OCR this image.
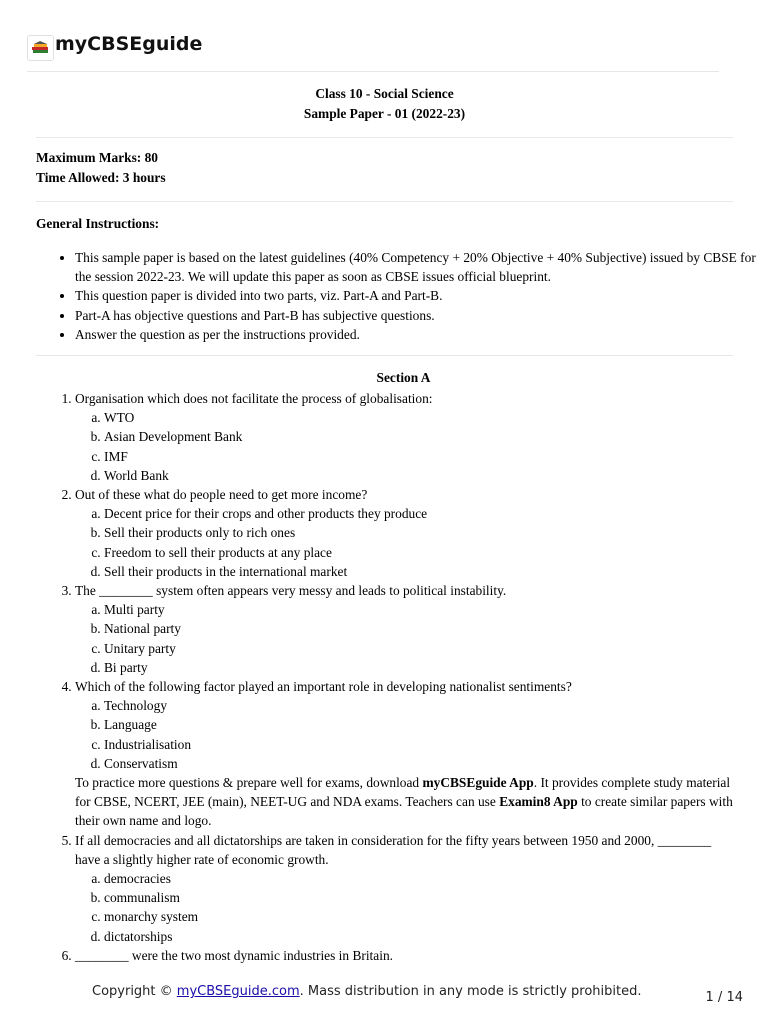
myCBSEguide
Class 10 - Social Science
Sample Paper - 01 (2022-23)
Maximum Marks: 80
Time Allowed: 3 hours
General Instructions:
• This sample paper is based on the latest guidelines (40% Competency + 20% Objective + 40% Subjective) issued by CBSE for the session 2022-23. We will update this paper as soon as CBSE issues official blueprint.
• This question paper is divided into two parts, viz. Part-A and Part-B.
• Part-A has objective questions and Part-B has subjective questions.
• Answer the question as per the instructions provided.
Section A
1. Organisation which does not facilitate the process of globalisation:
a. WTO
b. Asian Development Bank
c. IMF
d. World Bank
2. Out of these what do people need to get more income?
a. Decent price for their crops and other products they produce
b. Sell their products only to rich ones
c. Freedom to sell their products at any place
d. Sell their products in the international market
3. The ________ system often appears very messy and leads to political instability.
a. Multi party
b. National party
c. Unitary party
d. Bi party
4. Which of the following factor played an important role in developing nationalist sentiments?
a. Technology
b. Language
c. Industrialisation
d. Conservatism
To practice more questions & prepare well for exams, download myCBSEguide App. It provides complete study material for CBSE, NCERT, JEE (main), NEET-UG and NDA exams. Teachers can use Examin8 App to create similar papers with their own name and logo.
5. If all democracies and all dictatorships are taken in consideration for the fifty years between 1950 and 2000, ________ have a slightly higher rate of economic growth.
a. democracies
b. communalism
c. monarchy system
d. dictatorships
6. ________ were the two most dynamic industries in Britain.
Copyright © myCBSEguide.com. Mass distribution in any mode is strictly prohibited.	1 / 14
